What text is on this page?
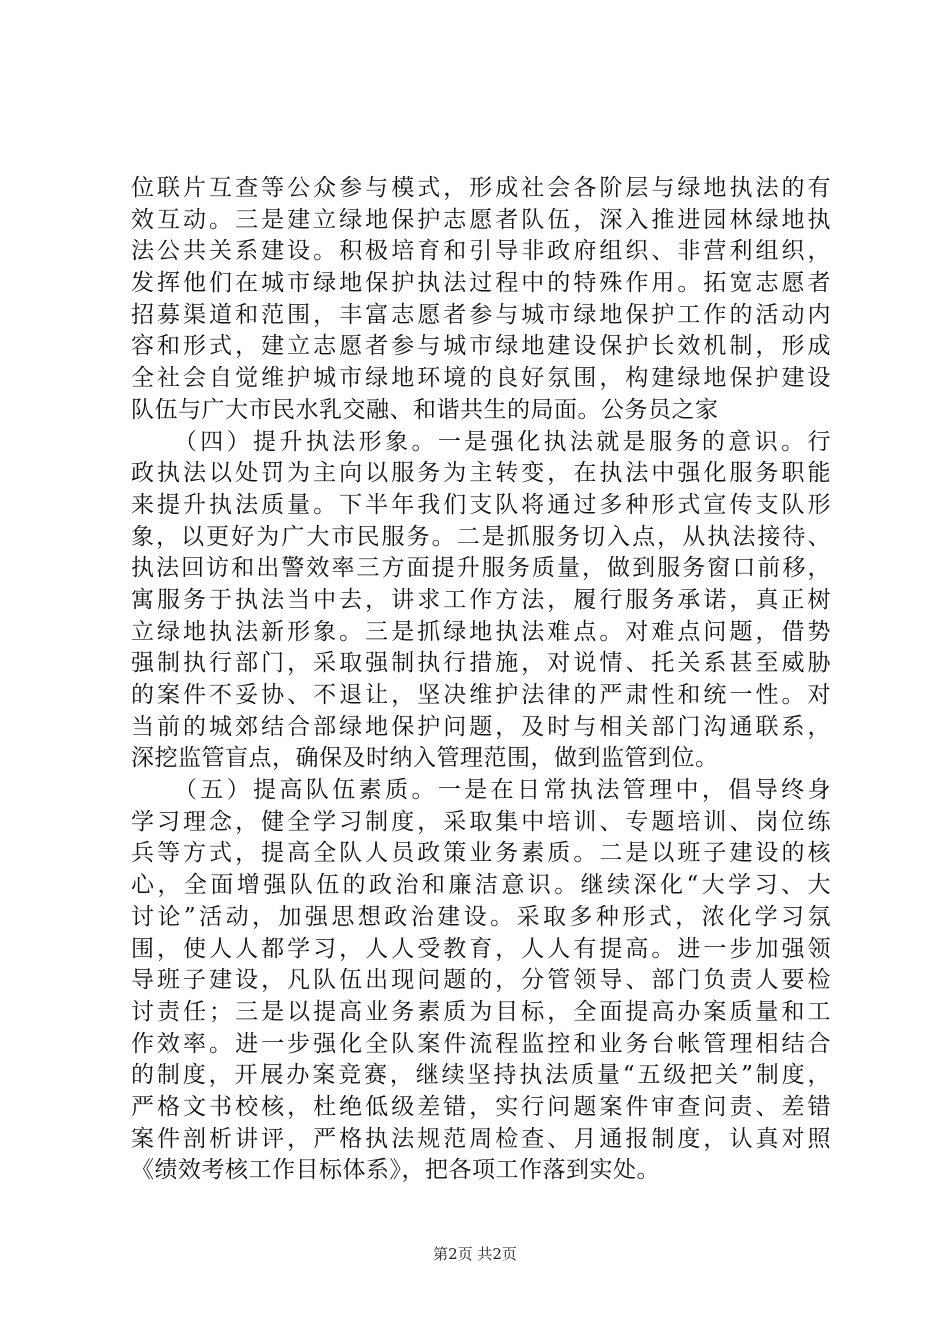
位联片互查等公众参与模式，形成社会各阶层与绿地执法的有
效互动。三是建立绿地保护志愿者队伍，深入推进园林绿地执
法公共关系建设。积极培育和引导非政府组织、非营利组织，
发挥他们在城市绿地保护执法过程中的特殊作用。拓宽志愿者
招募渠道和范围，丰富志愿者参与城市绿地保护工作的活动内
容和形式，建立志愿者参与城市绿地建设保护长效机制，形成
全社会自觉维护城市绿地环境的良好氛围，构建绿地保护建设
队伍与广大市民水乳交融、和谐共生的局面。公务员之家
（四）提升执法形象。一是强化执法就是服务的意识。行
政执法以处罚为主向以服务为主转变，在执法中强化服务职能
来提升执法质量。下半年我们支队将通过多种形式宣传支队形
象，以更好为广大市民服务。二是抓服务切入点，从执法接待、
执法回访和出警效率三方面提升服务质量，做到服务窗口前移，
寓服务于执法当中去，讲求工作方法，履行服务承诺，真正树
立绿地执法新形象。三是抓绿地执法难点。对难点问题，借势
强制执行部门，采取强制执行措施，对说情、托关系甚至威胁
的案件不妥协、不退让，坚决维护法律的严肃性和统一性。对
当前的城郊结合部绿地保护问题，及时与相关部门沟通联系，
深挖监管盲点，确保及时纳入管理范围，做到监管到位。
（五）提高队伍素质。一是在日常执法管理中，倡导终身
学习理念，健全学习制度，采取集中培训、专题培训、岗位练
兵等方式，提高全队人员政策业务素质。二是以班子建设的核
心，全面增强队伍的政治和廉洁意识。继续深化“大学习、大
讨论”活动，加强思想政治建设。采取多种形式，浓化学习氛
围，使人人都学习，人人受教育，人人有提高。进一步加强领
导班子建设，凡队伍出现问题的，分管领导、部门负责人要检
讨责任；三是以提高业务素质为目标，全面提高办案质量和工
作效率。进一步强化全队案件流程监控和业务台帐管理相结合
的制度，开展办案竞赛，继续坚持执法质量“五级把关”制度，
严格文书校核，杜绝低级差错，实行问题案件审查问责、差错
案件剖析讲评，严格执法规范周检查、月通报制度，认真对照
《绩效考核工作目标体系》，把各项工作落到实处。
第2页 共2页
